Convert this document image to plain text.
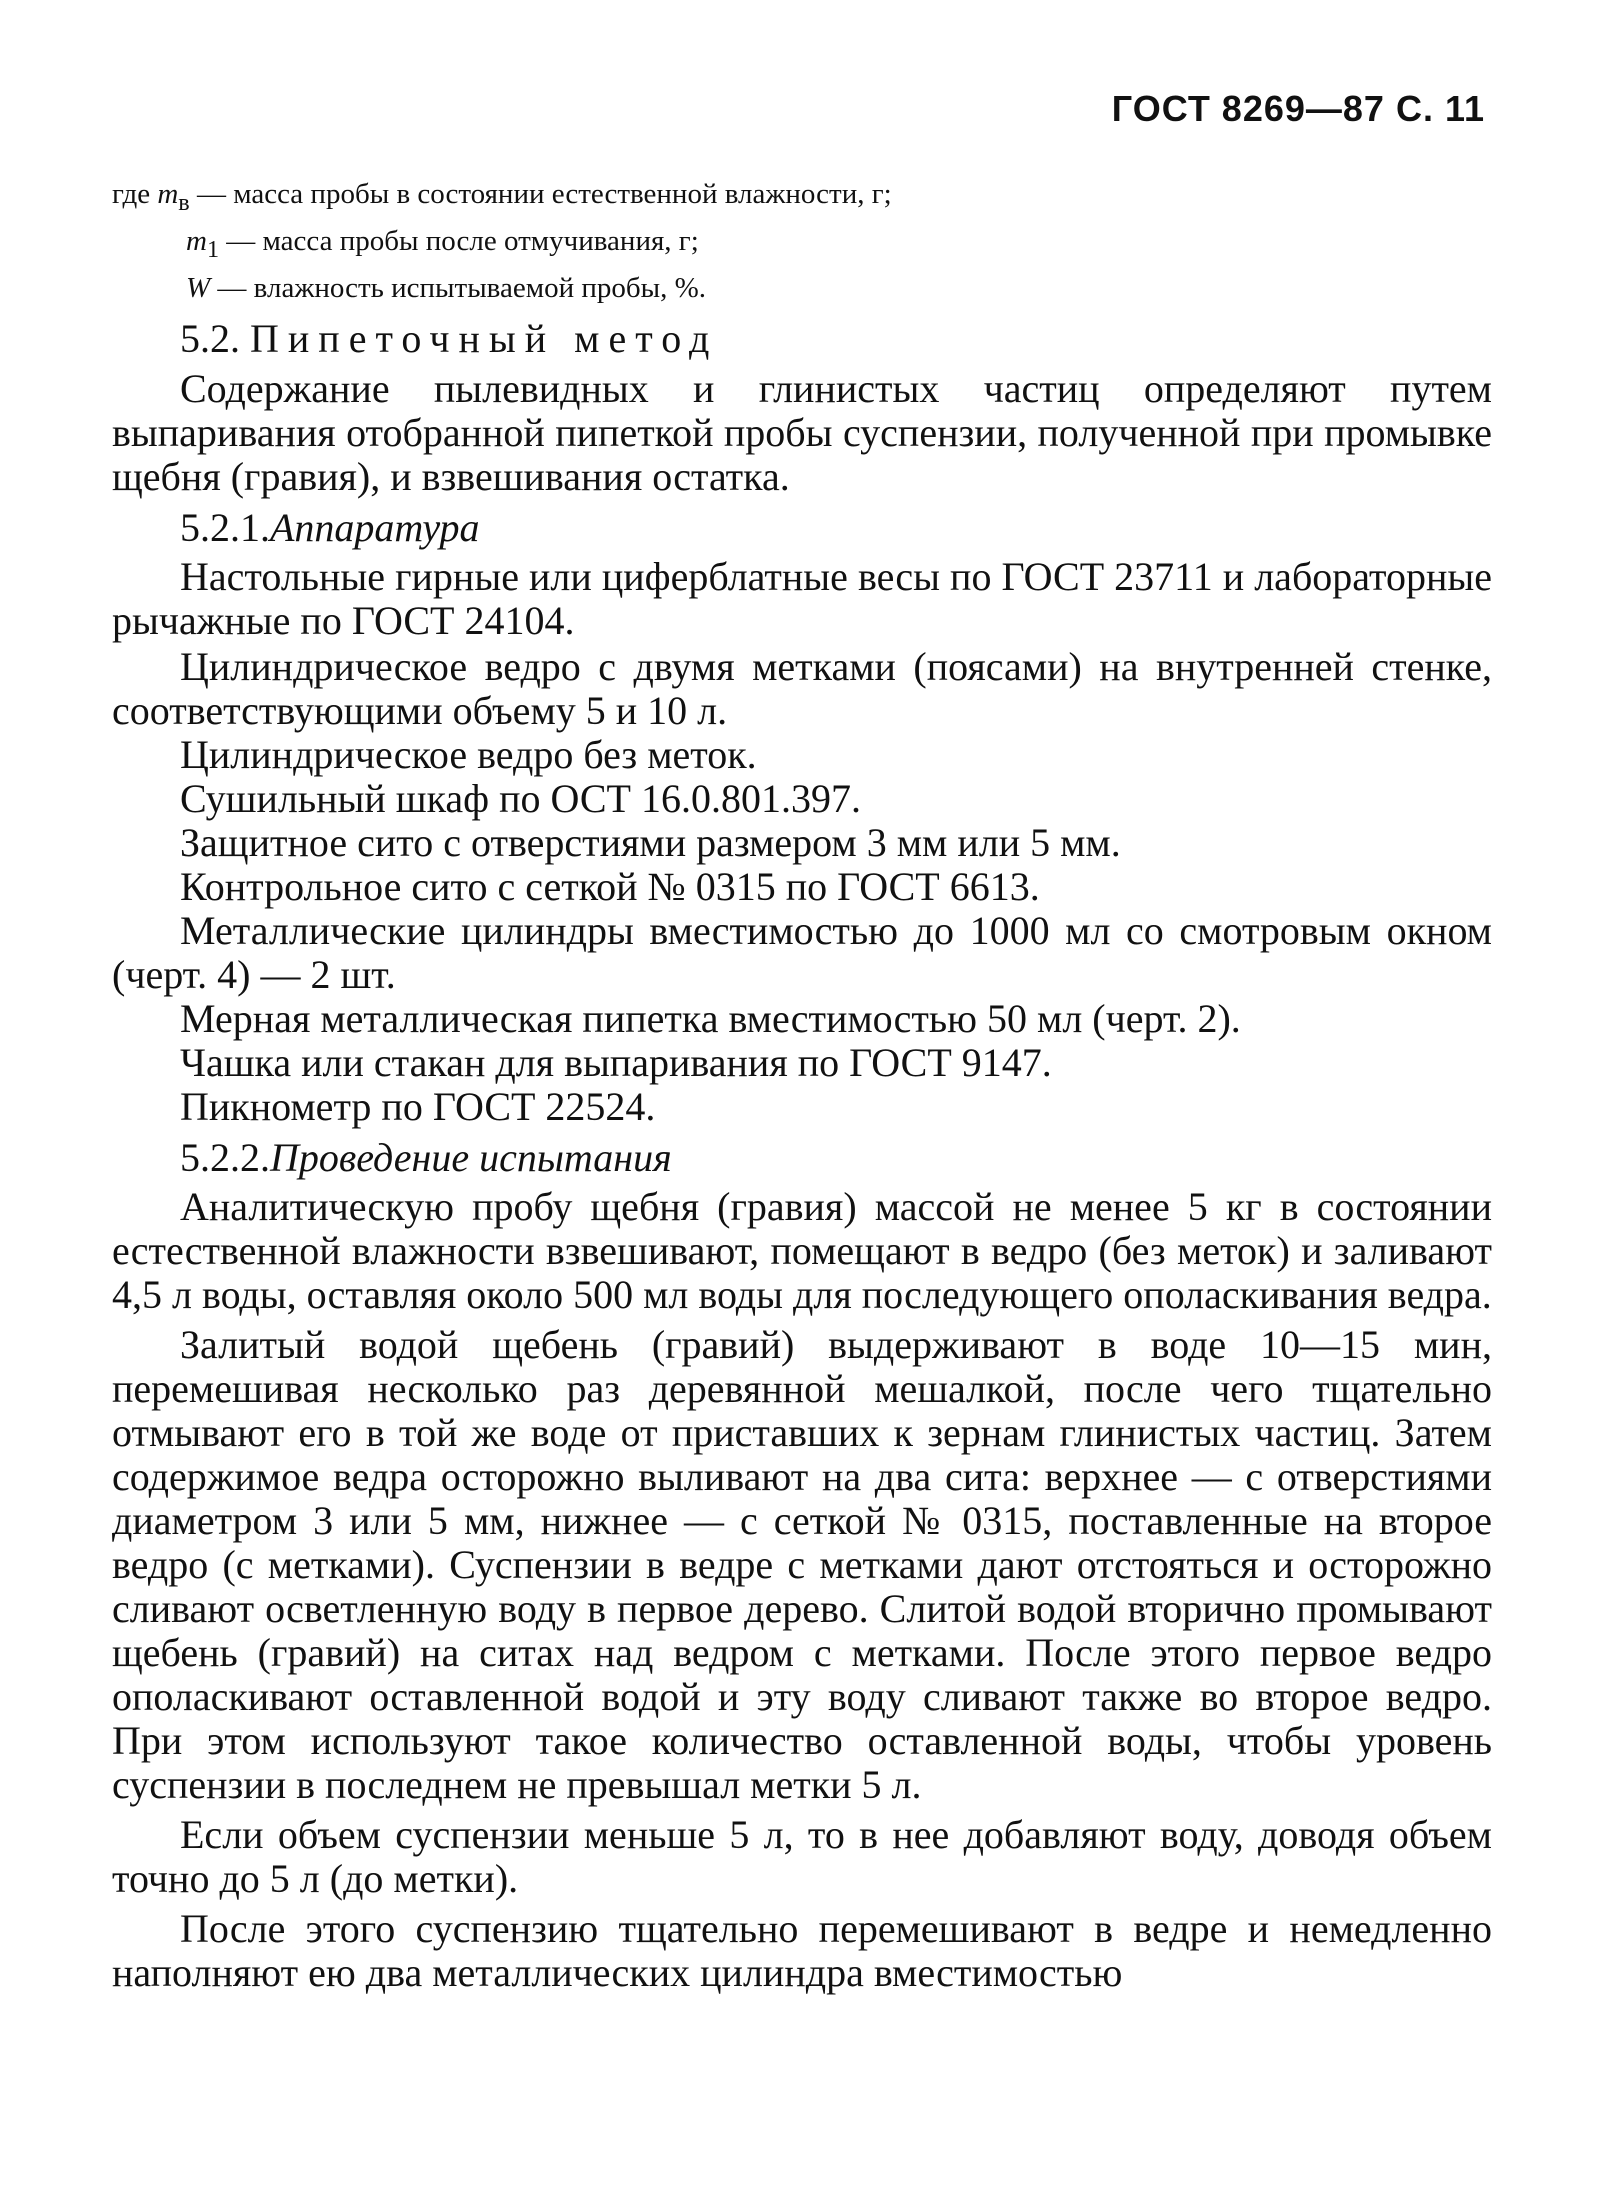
ГОСТ 8269—87 С. 11
где $m_в$ — масса пробы в состоянии естественной влажности, г;
$m_1$ — масса пробы после отмучивания, г;
W — влажность испытываемой пробы, %.
5.2. Пипеточный метод

Содержание пылевидных и глинистых частиц определяют путем выпаривания отобранной пипеткой пробы суспензии, полученной при промывке щебня (гравия), и взвешивания остатка.

5.2.1.Аппаратура

Настольные гирные или циферблатные весы по ГОСТ 23711 и лабораторные рычажные по ГОСТ 24104.

Цилиндрическое ведро с двумя метками (поясами) на внутренней стенке, соответствующими объему 5 и 10 л.

Цилиндрическое ведро без меток.

Сушильный шкаф по ОСТ 16.0.801.397.

Защитное сито с отверстиями размером 3 мм или 5 мм.

Контрольное сито с сеткой № 0315 по ГОСТ 6613.

Металлические цилиндры вместимостью до 1000 мл со смотровым окном (черт. 4) — 2 шт.

Мерная металлическая пипетка вместимостью 50 мл (черт. 2).

Чашка или стакан для выпаривания по ГОСТ 9147.

Пикнометр по ГОСТ 22524.

5.2.2.Проведение испытания

Аналитическую пробу щебня (гравия) массой не менее 5 кг в состоянии естественной влажности взвешивают, помещают в ведро (без меток) и заливают 4,5 л воды, оставляя около 500 мл воды для последующего ополаскивания ведра.

Залитый водой щебень (гравий) выдерживают в воде 10—15 мин, перемешивая несколько раз деревянной мешалкой, после чего тщательно отмывают его в той же воде от приставших к зернам глинистых частиц. Затем содержимое ведра осторожно выливают на два сита: верхнее — с отверстиями диаметром 3 или 5 мм, нижнее — с сеткой № 0315, поставленные на второе ведро (с метками). Суспензии в ведре с метками дают отстояться и осторожно сливают осветленную воду в первое дерево. Слитой водой вторично промывают щебень (гравий) на ситах над ведром с метками. После этого первое ведро ополаскивают оставленной водой и эту воду сливают также во второе ведро. При этом используют такое количество оставленной воды, чтобы уровень суспензии в последнем не превышал метки 5 л.

Если объем суспензии меньше 5 л, то в нее добавляют воду, доводя объем точно до 5 л (до метки).

После этого суспензию тщательно перемешивают в ведре и немедленно наполняют ею два металлических цилиндра вместимостью
